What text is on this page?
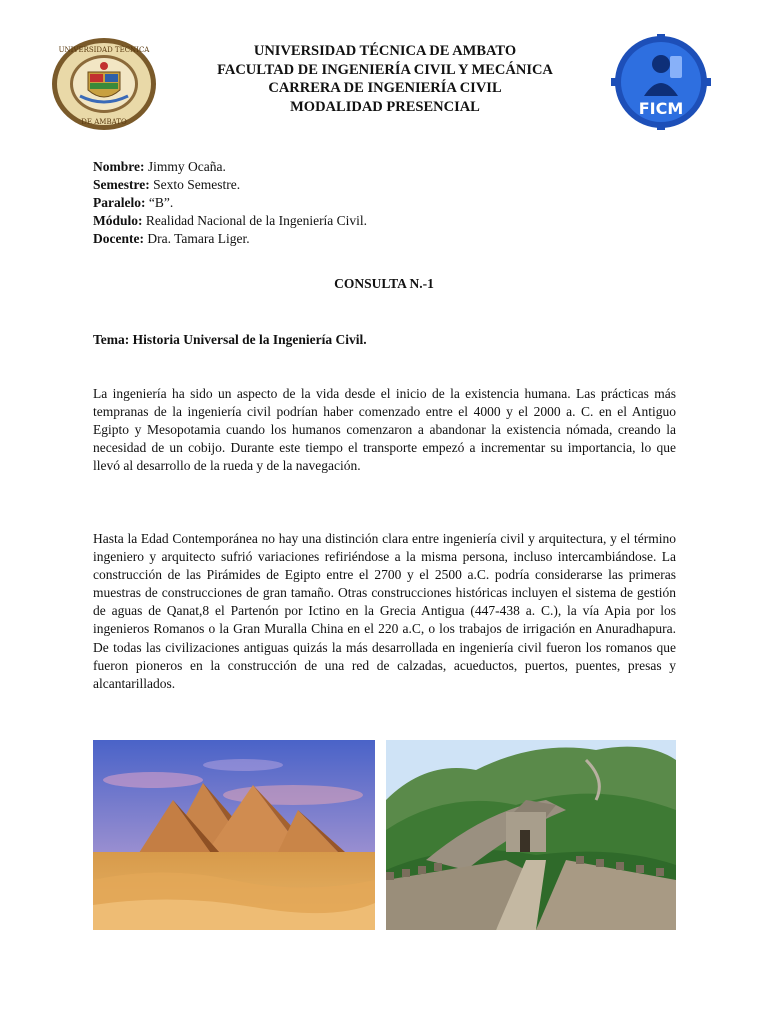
UNIVERSIDAD TÉCNICA
DE AMBATO
UNIVERSIDAD TÉCNICA DE AMBATO
FACULTAD DE INGENIERÍA CIVIL Y MECÁNICA
CARRERA DE INGENIERÍA CIVIL
MODALIDAD PRESENCIAL	FICM
Nombre: Jimmy Ocaña.
Semestre: Sexto Semestre.
Paralelo: “B”.
Módulo: Realidad Nacional de la Ingeniería Civil.
Docente: Dra. Tamara Liger.
CONSULTA N.-1
Tema: Historia Universal de la Ingeniería Civil.

La ingeniería ha sido un aspecto de la vida desde el inicio de la existencia humana. Las prácticas más tempranas de la ingeniería civil podrían haber comenzado entre el 4000 y el 2000 a. C. en el Antiguo Egipto y Mesopotamia cuando los humanos comenzaron a abandonar la existencia nómada, creando la necesidad de un cobijo. Durante este tiempo el transporte empezó a incrementar su importancia, lo que llevó al desarrollo de la rueda y de la navegación.

Hasta la Edad Contemporánea no hay una distinción clara entre ingeniería civil y arquitectura, y el término ingeniero y arquitecto sufrió variaciones refiriéndose a la misma persona, incluso intercambiándose. La construcción de las Pirámides de Egipto entre el 2700 y el 2500 a.C. podría considerarse las primeras muestras de construcciones de gran tamaño. Otras construcciones históricas incluyen el sistema de gestión de aguas de Qanat,8 el Partenón por Ictino en la Grecia Antigua (447-438 a. C.), la vía Apia por los ingenieros Romanos o la Gran Muralla China en el 220 a.C, o los trabajos de irrigación en Anuradhapura. De todas las civilizaciones antiguas quizás la más desarrollada en ingeniería civil fueron los romanos que fueron pioneros en la construcción de una red de calzadas, acueductos, puertos, puentes, presas y alcantarillados.
